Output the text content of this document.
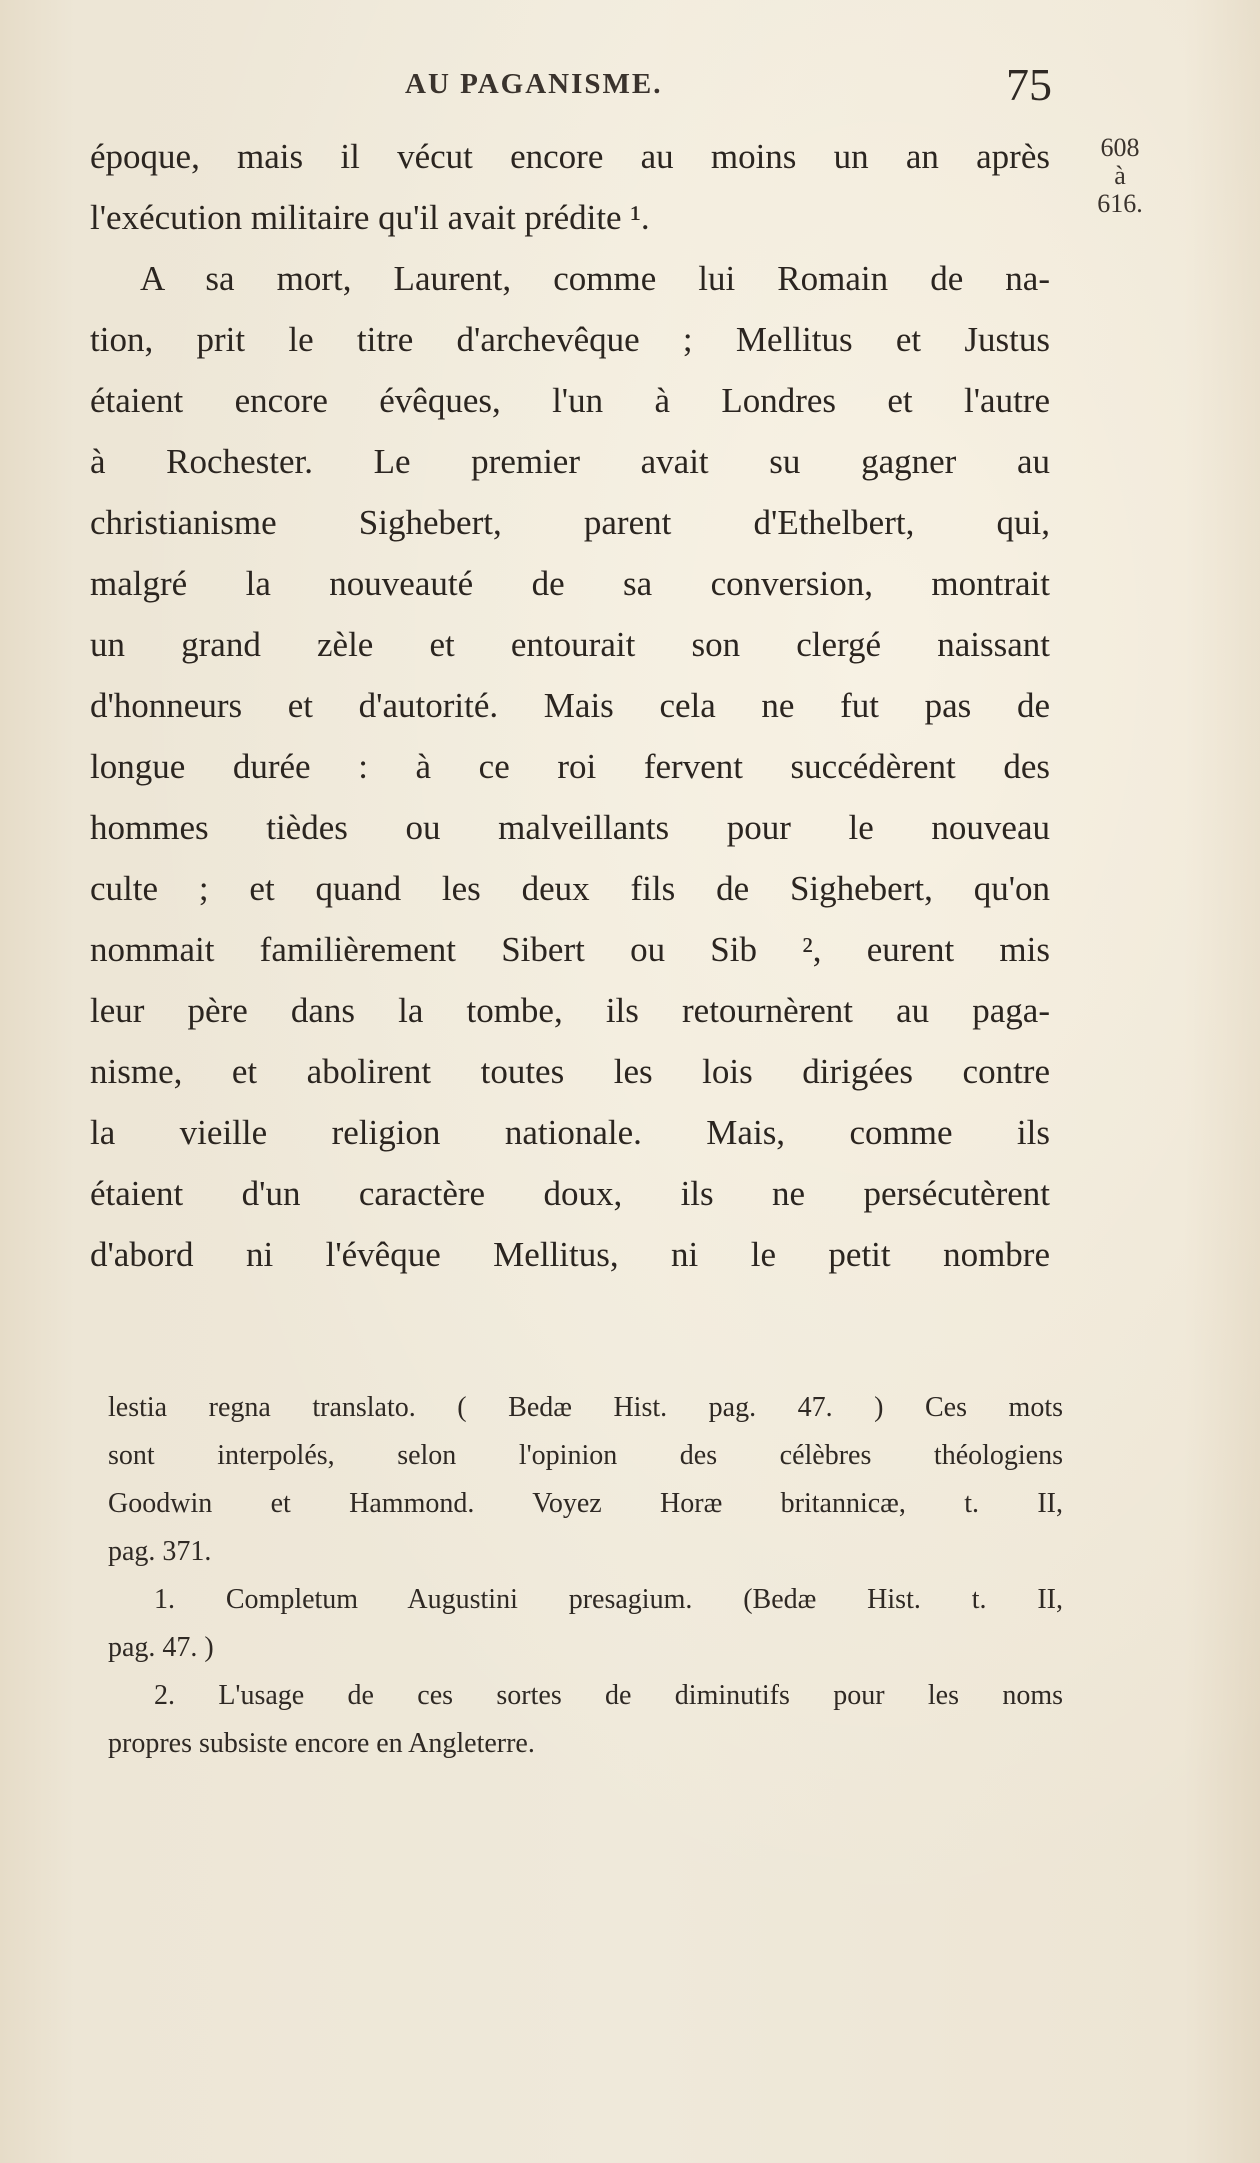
AU PAGANISME.	75
608
à
616.
époque, mais il vécut encore au moins un an après
l'exécution militaire qu'il avait prédite ¹.
A sa mort, Laurent, comme lui Romain de na-
tion, prit le titre d'archevêque ; Mellitus et Justus
étaient encore évêques, l'un à Londres et l'autre
à Rochester. Le premier avait su gagner au
christianisme Sighebert, parent d'Ethelbert, qui,
malgré la nouveauté de sa conversion, montrait
un grand zèle et entourait son clergé naissant
d'honneurs et d'autorité. Mais cela ne fut pas de
longue durée : à ce roi fervent succédèrent des
hommes tièdes ou malveillants pour le nouveau
culte ; et quand les deux fils de Sighebert, qu'on
nommait familièrement Sibert ou Sib ², eurent mis
leur père dans la tombe, ils retournèrent au paga-
nisme, et abolirent toutes les lois dirigées contre
la vieille religion nationale. Mais, comme ils
étaient d'un caractère doux, ils ne persécutèrent
d'abord ni l'évêque Mellitus, ni le petit nombre
lestia regna translato. ( Bedæ Hist. pag. 47. ) Ces mots
sont interpolés, selon l'opinion des célèbres théologiens
Goodwin et Hammond. Voyez Horæ britannicæ, t. II,
pag. 371.
1. Completum Augustini presagium. (Bedæ Hist. t. II,
pag. 47. )
2. L'usage de ces sortes de diminutifs pour les noms
propres subsiste encore en Angleterre.
